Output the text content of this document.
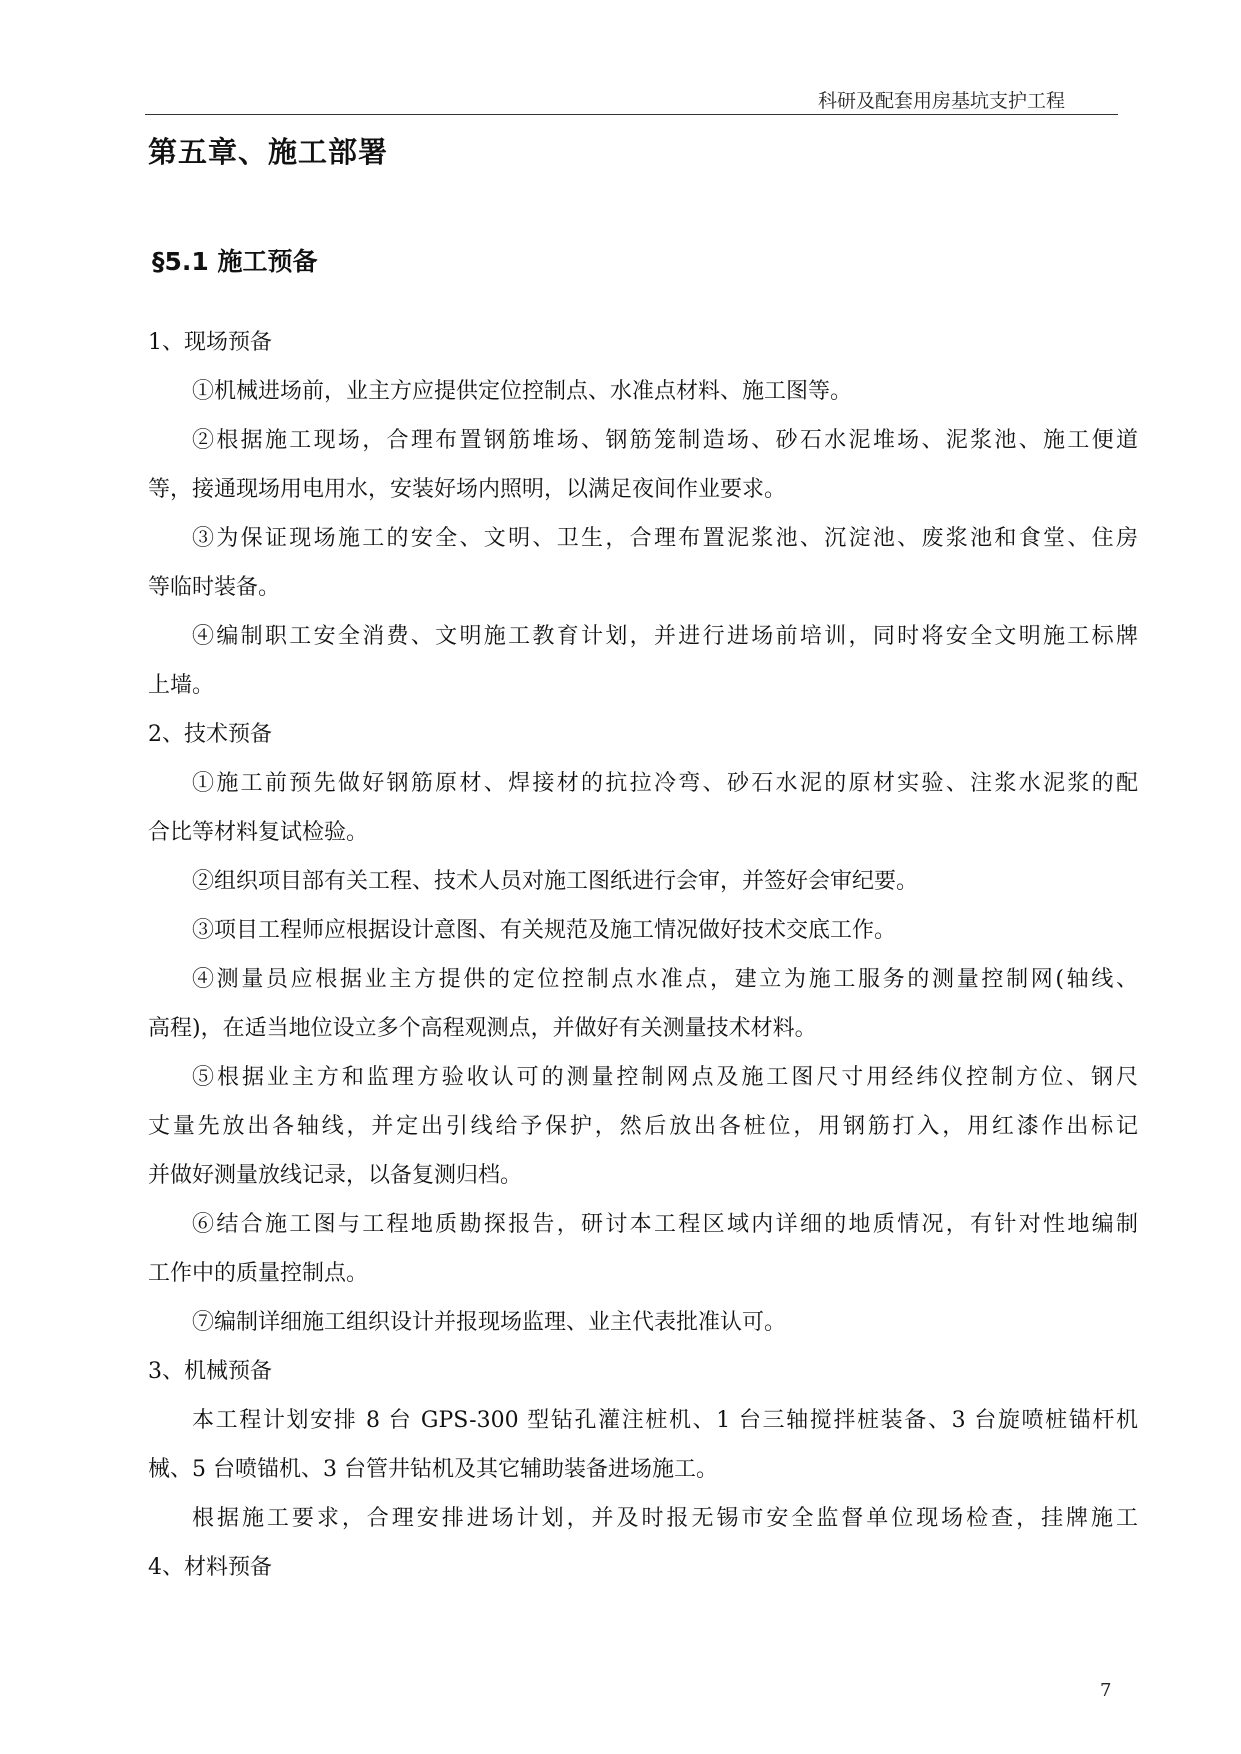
科研及配套用房基坑支护工程
第五章、施工部署
§5.1 施工预备
1、现场预备
①机械进场前，业主方应提供定位控制点、水准点材料、施工图等。
②根据施工现场，合理布置钢筋堆场、钢筋笼制造场、砂石水泥堆场、泥浆池、施工便道
等，接通现场用电用水，安装好场内照明，以满足夜间作业要求。
③为保证现场施工的安全、文明、卫生，合理布置泥浆池、沉淀池、废浆池和食堂、住房
等临时装备。
④编制职工安全消费、文明施工教育计划，并进行进场前培训，同时将安全文明施工标牌
上墙。
2、技术预备
①施工前预先做好钢筋原材、焊接材的抗拉冷弯、砂石水泥的原材实验、注浆水泥浆的配
合比等材料复试检验。
②组织项目部有关工程、技术人员对施工图纸进行会审，并签好会审纪要。
③项目工程师应根据设计意图、有关规范及施工情况做好技术交底工作。
④测量员应根据业主方提供的定位控制点水准点，建立为施工服务的测量控制网(轴线、
高程)，在适当地位设立多个高程观测点，并做好有关测量技术材料。
⑤根据业主方和监理方验收认可的测量控制网点及施工图尺寸用经纬仪控制方位、钢尺
丈量先放出各轴线，并定出引线给予保护，然后放出各桩位，用钢筋打入，用红漆作出标记
并做好测量放线记录，以备复测归档。
⑥结合施工图与工程地质勘探报告，研讨本工程区域内详细的地质情况，有针对性地编制
工作中的质量控制点。
⑦编制详细施工组织设计并报现场监理、业主代表批准认可。
3、机械预备
本工程计划安排 8 台 GPS-300 型钻孔灌注桩机、1 台三轴搅拌桩装备、3 台旋喷桩锚杆机
械、5 台喷锚机、3 台管井钻机及其它辅助装备进场施工。
根据施工要求，合理安排进场计划，并及时报无锡市安全监督单位现场检查，挂牌施工
4、材料预备
7
